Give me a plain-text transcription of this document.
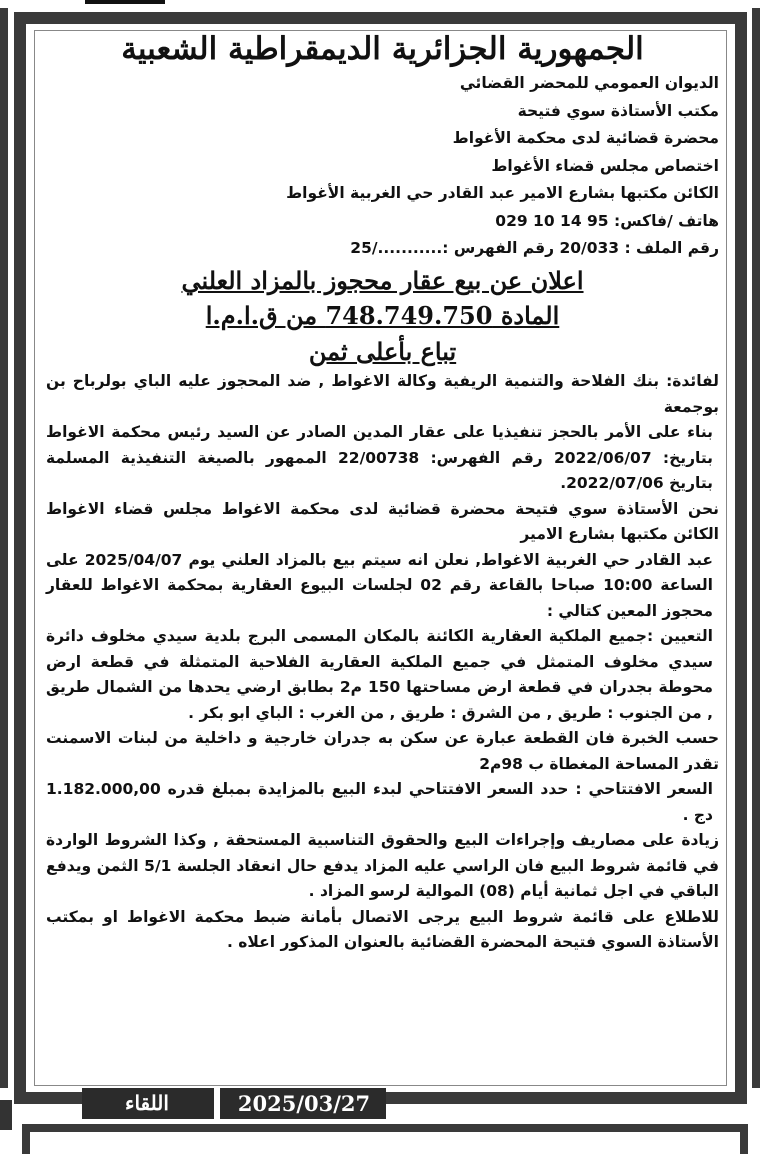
الجمهورية الجزائرية الديمقراطية الشعبية
الديوان العمومي للمحضر القضائي
مكتب الأستاذة سوي فتيحة
محضرة قضائية لدى محكمة الأغواط
اختصاص مجلس قضاء الأغواط
الكائن مكتبها بشارع الامير عبد القادر حي الغربية الأغواط
هاتف /فاكس: 95 14 10 029
رقم الملف : 20/033 رقم الفهرس :.........../25
اعلان عن بيع عقار محجوز بالمزاد العلني
المادة 748.749.750 من ق.ا.م.ا
تباع بأعلى ثمن

لفائدة: بنك الفلاحة والتنمية الريفية وكالة الاغواط , ضد المحجوز عليه الباي بولرباح بن بوجمعة

بناء على الأمر بالحجز تنفيذيا على عقار المدين الصادر عن السيد رئيس محكمة الاغواط بتاريخ: 2022/06/07 رقم الفهرس: 22/00738 الممهور بالصيغة التنفيذية المسلمة بتاريخ 2022/07/06.

نحن الأستاذة سوي فتيحة محضرة قضائية لدى محكمة الاغواط مجلس قضاء الاغواط الكائن مكتبها بشارع الامير

عبد القادر حي الغربية الاغواط, نعلن انه سيتم بيع بالمزاد العلني يوم 2025/04/07 على الساعة 10:00 صباحا بالقاعة رقم 02 لجلسات البيوع العقارية بمحكمة الاغواط للعقار محجوز المعين كتالي :

التعيين :جميع الملكية العقارية الكائنة بالمكان المسمى البرج بلدية سيدي مخلوف دائرة سيدي مخلوف المتمثل في جميع الملكية العقارية الفلاحية المتمثلة في قطعة ارض محوطة بجدران في قطعة ارض مساحتها 150 م2 بطابق ارضي يحدها من الشمال طريق , من الجنوب : طريق , من الشرق : طريق , من الغرب : الباي ابو بكر .

حسب الخبرة فان القطعة عبارة عن سكن به جدران خارجية و داخلية من لبنات الاسمنت تقدر المساحة المغطاة ب 98م2

السعر الافتتاحي : حدد السعر الافتتاحي لبدء البيع بالمزايدة بمبلغ قدره 1.182.000,00 دج .

زيادة على مصاريف وإجراءات البيع والحقوق التناسبية المستحقة , وكذا الشروط الواردة في قائمة شروط البيع فان الراسي عليه المزاد يدفع حال انعقاد الجلسة 5/1 الثمن ويدفع الباقي في اجل ثمانية أيام (08) الموالية لرسو المزاد .

للاطلاع على قائمة شروط البيع يرجى الاتصال بأمانة ضبط محكمة الاغواط او بمكتب الأستاذة السوي فتيحة المحضرة القضائية بالعنوان المذكور اعلاه .

اللقاء	2025/03/27
